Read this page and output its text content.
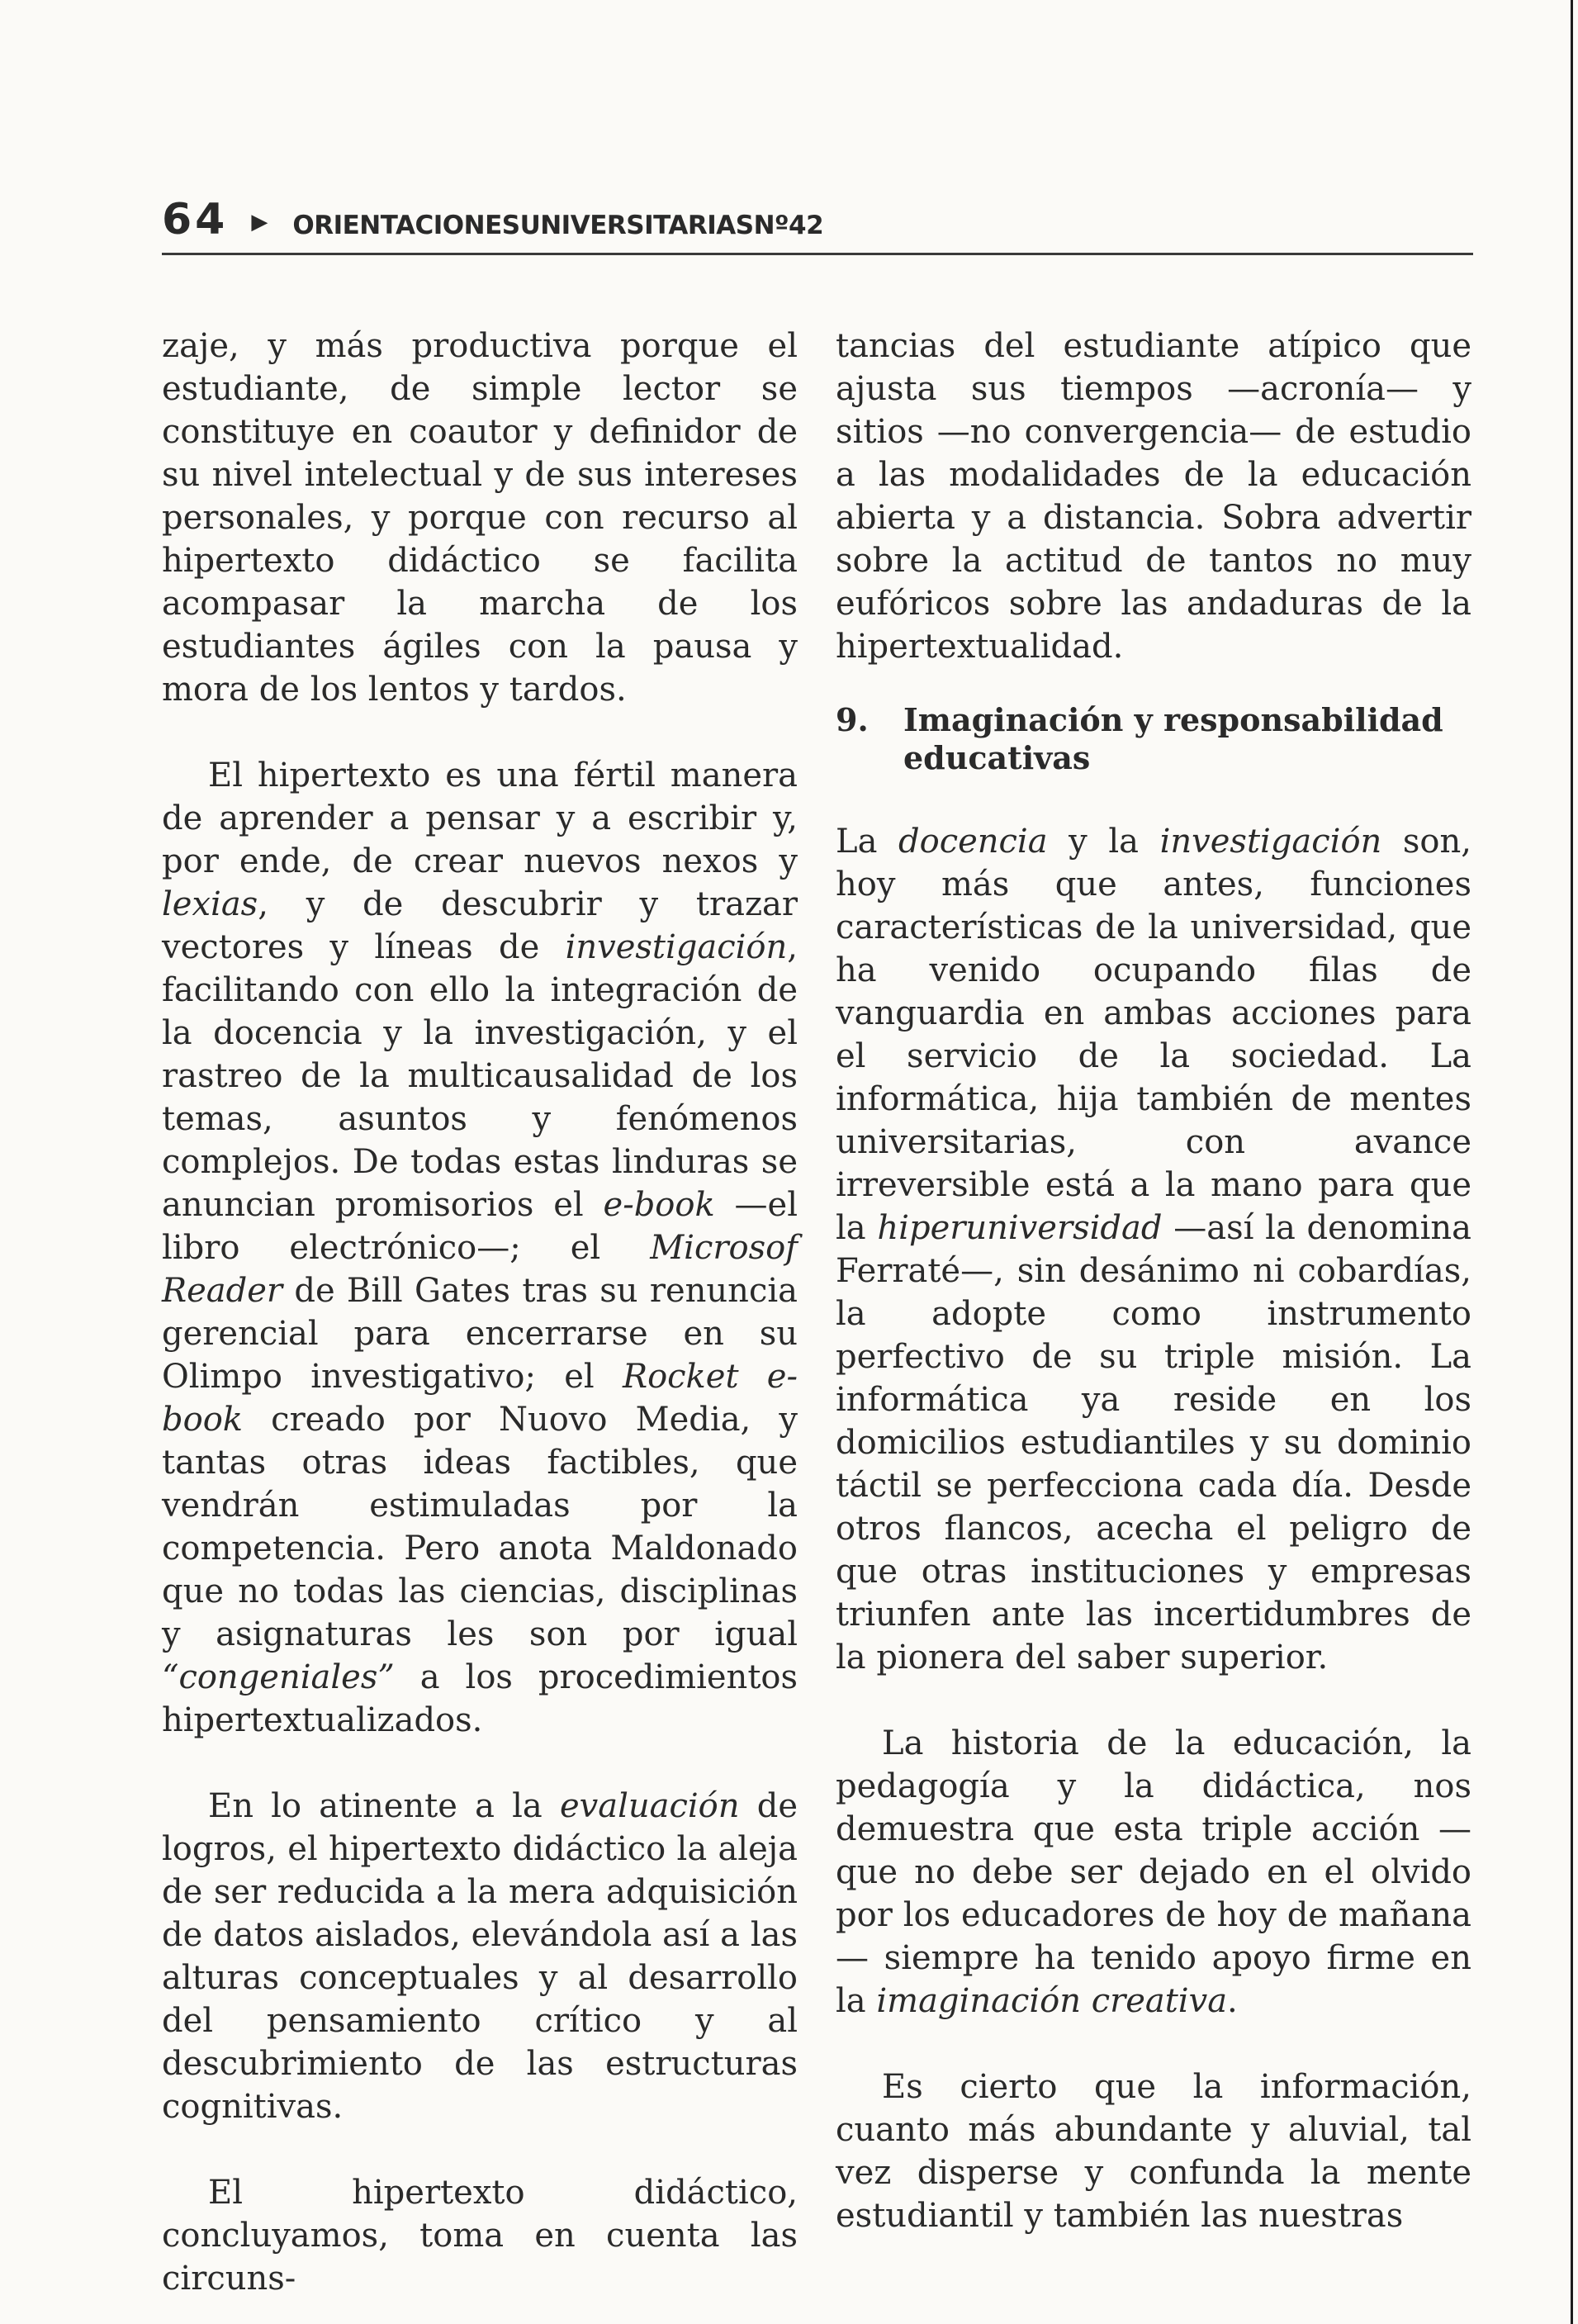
64 ▶ ORIENTACIONESUNIVERSITARIASNº42

zaje, y más productiva porque el estudiante, de simple lector se constituye en coautor y definidor de su nivel intelectual y de sus intereses personales, y porque con recurso al hipertexto didáctico se facilita acompasar la marcha de los estudiantes ágiles con la pausa y mora de los lentos y tardos.

El hipertexto es una fértil manera de aprender a pensar y a escribir y, por ende, de crear nuevos nexos y lexias, y de descubrir y trazar vectores y líneas de investigación, facilitando con ello la integración de la docencia y la investigación, y el rastreo de la multicausalidad de los temas, asuntos y fenómenos complejos. De todas estas linduras se anuncian promisorios el e-book —el libro electrónico—; el Microsof Reader de Bill Gates tras su renuncia gerencial para encerrarse en su Olimpo investigativo; el Rocket e-book creado por Nuovo Media, y tantas otras ideas factibles, que vendrán estimuladas por la competencia. Pero anota Maldonado que no todas las ciencias, disciplinas y asignaturas les son por igual “congeniales” a los procedimientos hipertextualizados.

En lo atinente a la evaluación de logros, el hipertexto didáctico la aleja de ser reducida a la mera adquisición de datos aislados, elevándola así a las alturas conceptuales y al desarrollo del pensamiento crítico y al descubrimiento de las estructuras cognitivas.

El hipertexto didáctico, concluyamos, toma en cuenta las circuns-

tancias del estudiante atípico que ajusta sus tiempos —acronía— y sitios —no convergencia— de estudio a las modalidades de la educación abierta y a distancia. Sobra advertir sobre la actitud de tantos no muy eufóricos sobre las andaduras de la hipertextualidad.

9.	Imaginación y responsabilidad educativas

La docencia y la investigación son, hoy más que antes, funciones características de la universidad, que ha venido ocupando filas de vanguardia en ambas acciones para el servicio de la sociedad. La informática, hija también de mentes universitarias, con avance irreversible está a la mano para que la hiperuniversidad —así la denomina Ferraté—, sin desánimo ni cobardías, la adopte como instrumento perfectivo de su triple misión. La informática ya reside en los domicilios estudiantiles y su dominio táctil se perfecciona cada día. Desde otros flancos, acecha el peligro de que otras instituciones y empresas triunfen ante las incertidumbres de la pionera del saber superior.

La historia de la educación, la pedagogía y la didáctica, nos demuestra que esta triple acción —que no debe ser dejado en el olvido por los educadores de hoy de mañana— siempre ha tenido apoyo firme en la imaginación creativa.

Es cierto que la información, cuanto más abundante y aluvial, tal vez disperse y confunda la mente estudiantil y también las nuestras
